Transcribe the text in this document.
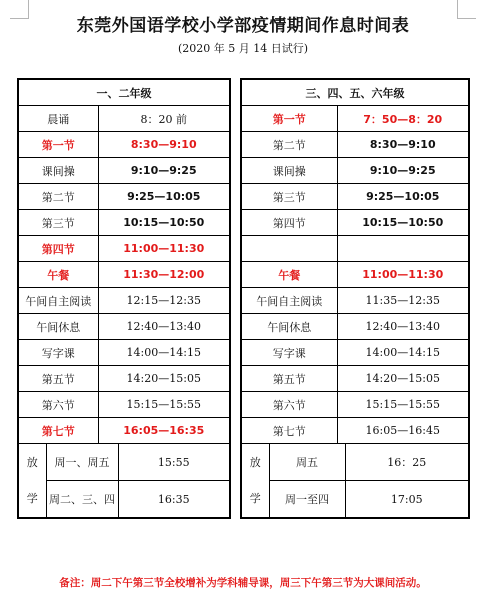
东莞外国语学校小学部疫情期间作息时间表
(2020 年 5 月 14 日试行)
一、二年级			
晨诵		8：20 前	
第一节		8:30—9:10	
课间操		9:10—9:25	
第二节		9:25—10:05	
第三节		10:15—10:50	
第四节		11:00—11:30	
午餐		11:30—12:00	
午间自主阅读		12:15—12:35	
午间休息		12:40—13:40	
写字课		14:00—14:15	
第五节		14:20—15:05	
第六节		15:15—15:55	
第七节		16:05—16:35	

放
学	周一、周五		15:55
	周二、三、四		16:35
三、四、五、六年级			
第一节		7：50—8：20	
第二节		8:30—9:10	
课间操		9:10—9:25	
第三节		9:25—10:05	
第四节		10:15—10:50	

午餐		11:00—11:30	
午间自主阅读		11:35—12:35	
午间休息		12:40—13:40	
写字课		14:00—14:15	
第五节		14:20—15:05	
第六节		15:15—15:55	
第七节		16:05—16:45	

放
学	周五		16：25
	周一至四		17:05
备注：周二下午第三节全校增补为学科辅导课，周三下午第三节为大课间活动。
